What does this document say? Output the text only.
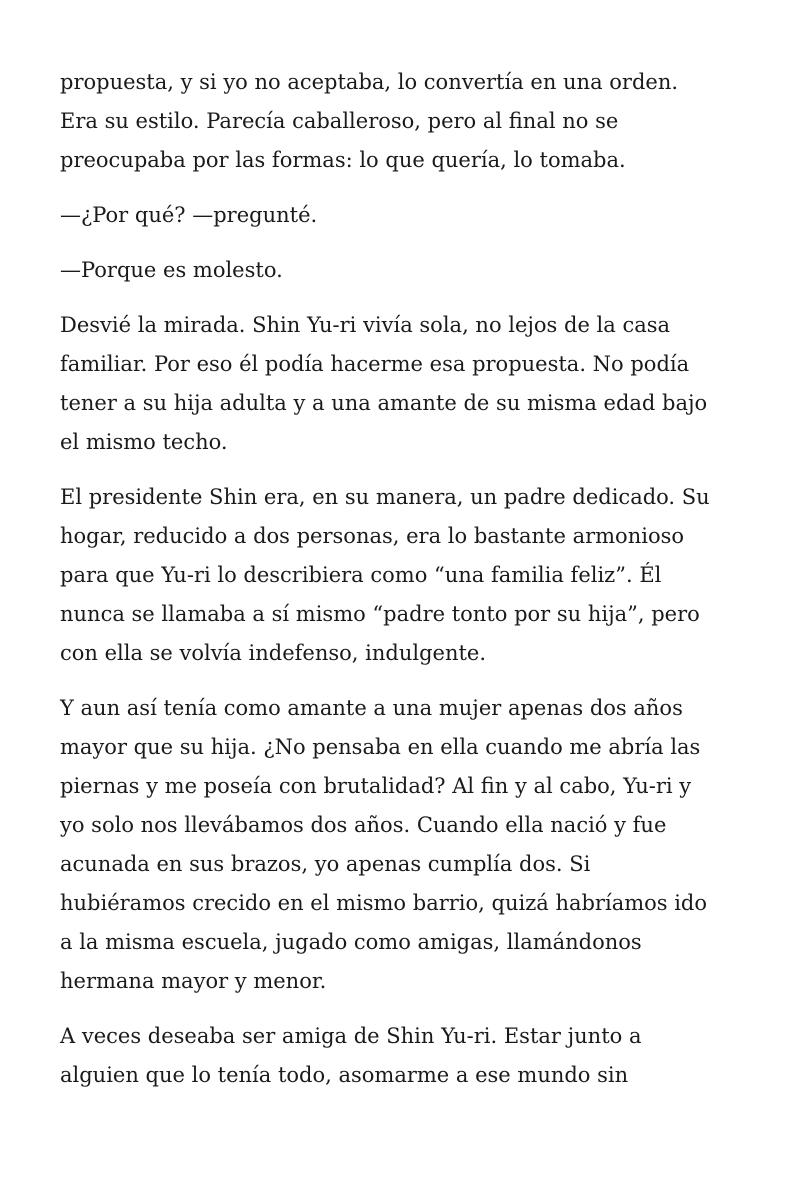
propuesta, y si yo no aceptaba, lo convertía en una orden.
Era su estilo. Parecía caballeroso, pero al final no se
preocupaba por las formas: lo que quería, lo tomaba.

—¿Por qué? —pregunté.

—Porque es molesto.

Desvié la mirada. Shin Yu-ri vivía sola, no lejos de la casa
familiar. Por eso él podía hacerme esa propuesta. No podía
tener a su hija adulta y a una amante de su misma edad bajo
el mismo techo.

El presidente Shin era, en su manera, un padre dedicado. Su
hogar, reducido a dos personas, era lo bastante armonioso
para que Yu-ri lo describiera como “una familia feliz”. Él
nunca se llamaba a sí mismo “padre tonto por su hija”, pero
con ella se volvía indefenso, indulgente.

Y aun así tenía como amante a una mujer apenas dos años
mayor que su hija. ¿No pensaba en ella cuando me abría las
piernas y me poseía con brutalidad? Al fin y al cabo, Yu-ri y
yo solo nos llevábamos dos años. Cuando ella nació y fue
acunada en sus brazos, yo apenas cumplía dos. Si
hubiéramos crecido en el mismo barrio, quizá habríamos ido
a la misma escuela, jugado como amigas, llamándonos
hermana mayor y menor.

A veces deseaba ser amiga de Shin Yu-ri. Estar junto a
alguien que lo tenía todo, asomarme a ese mundo sin
